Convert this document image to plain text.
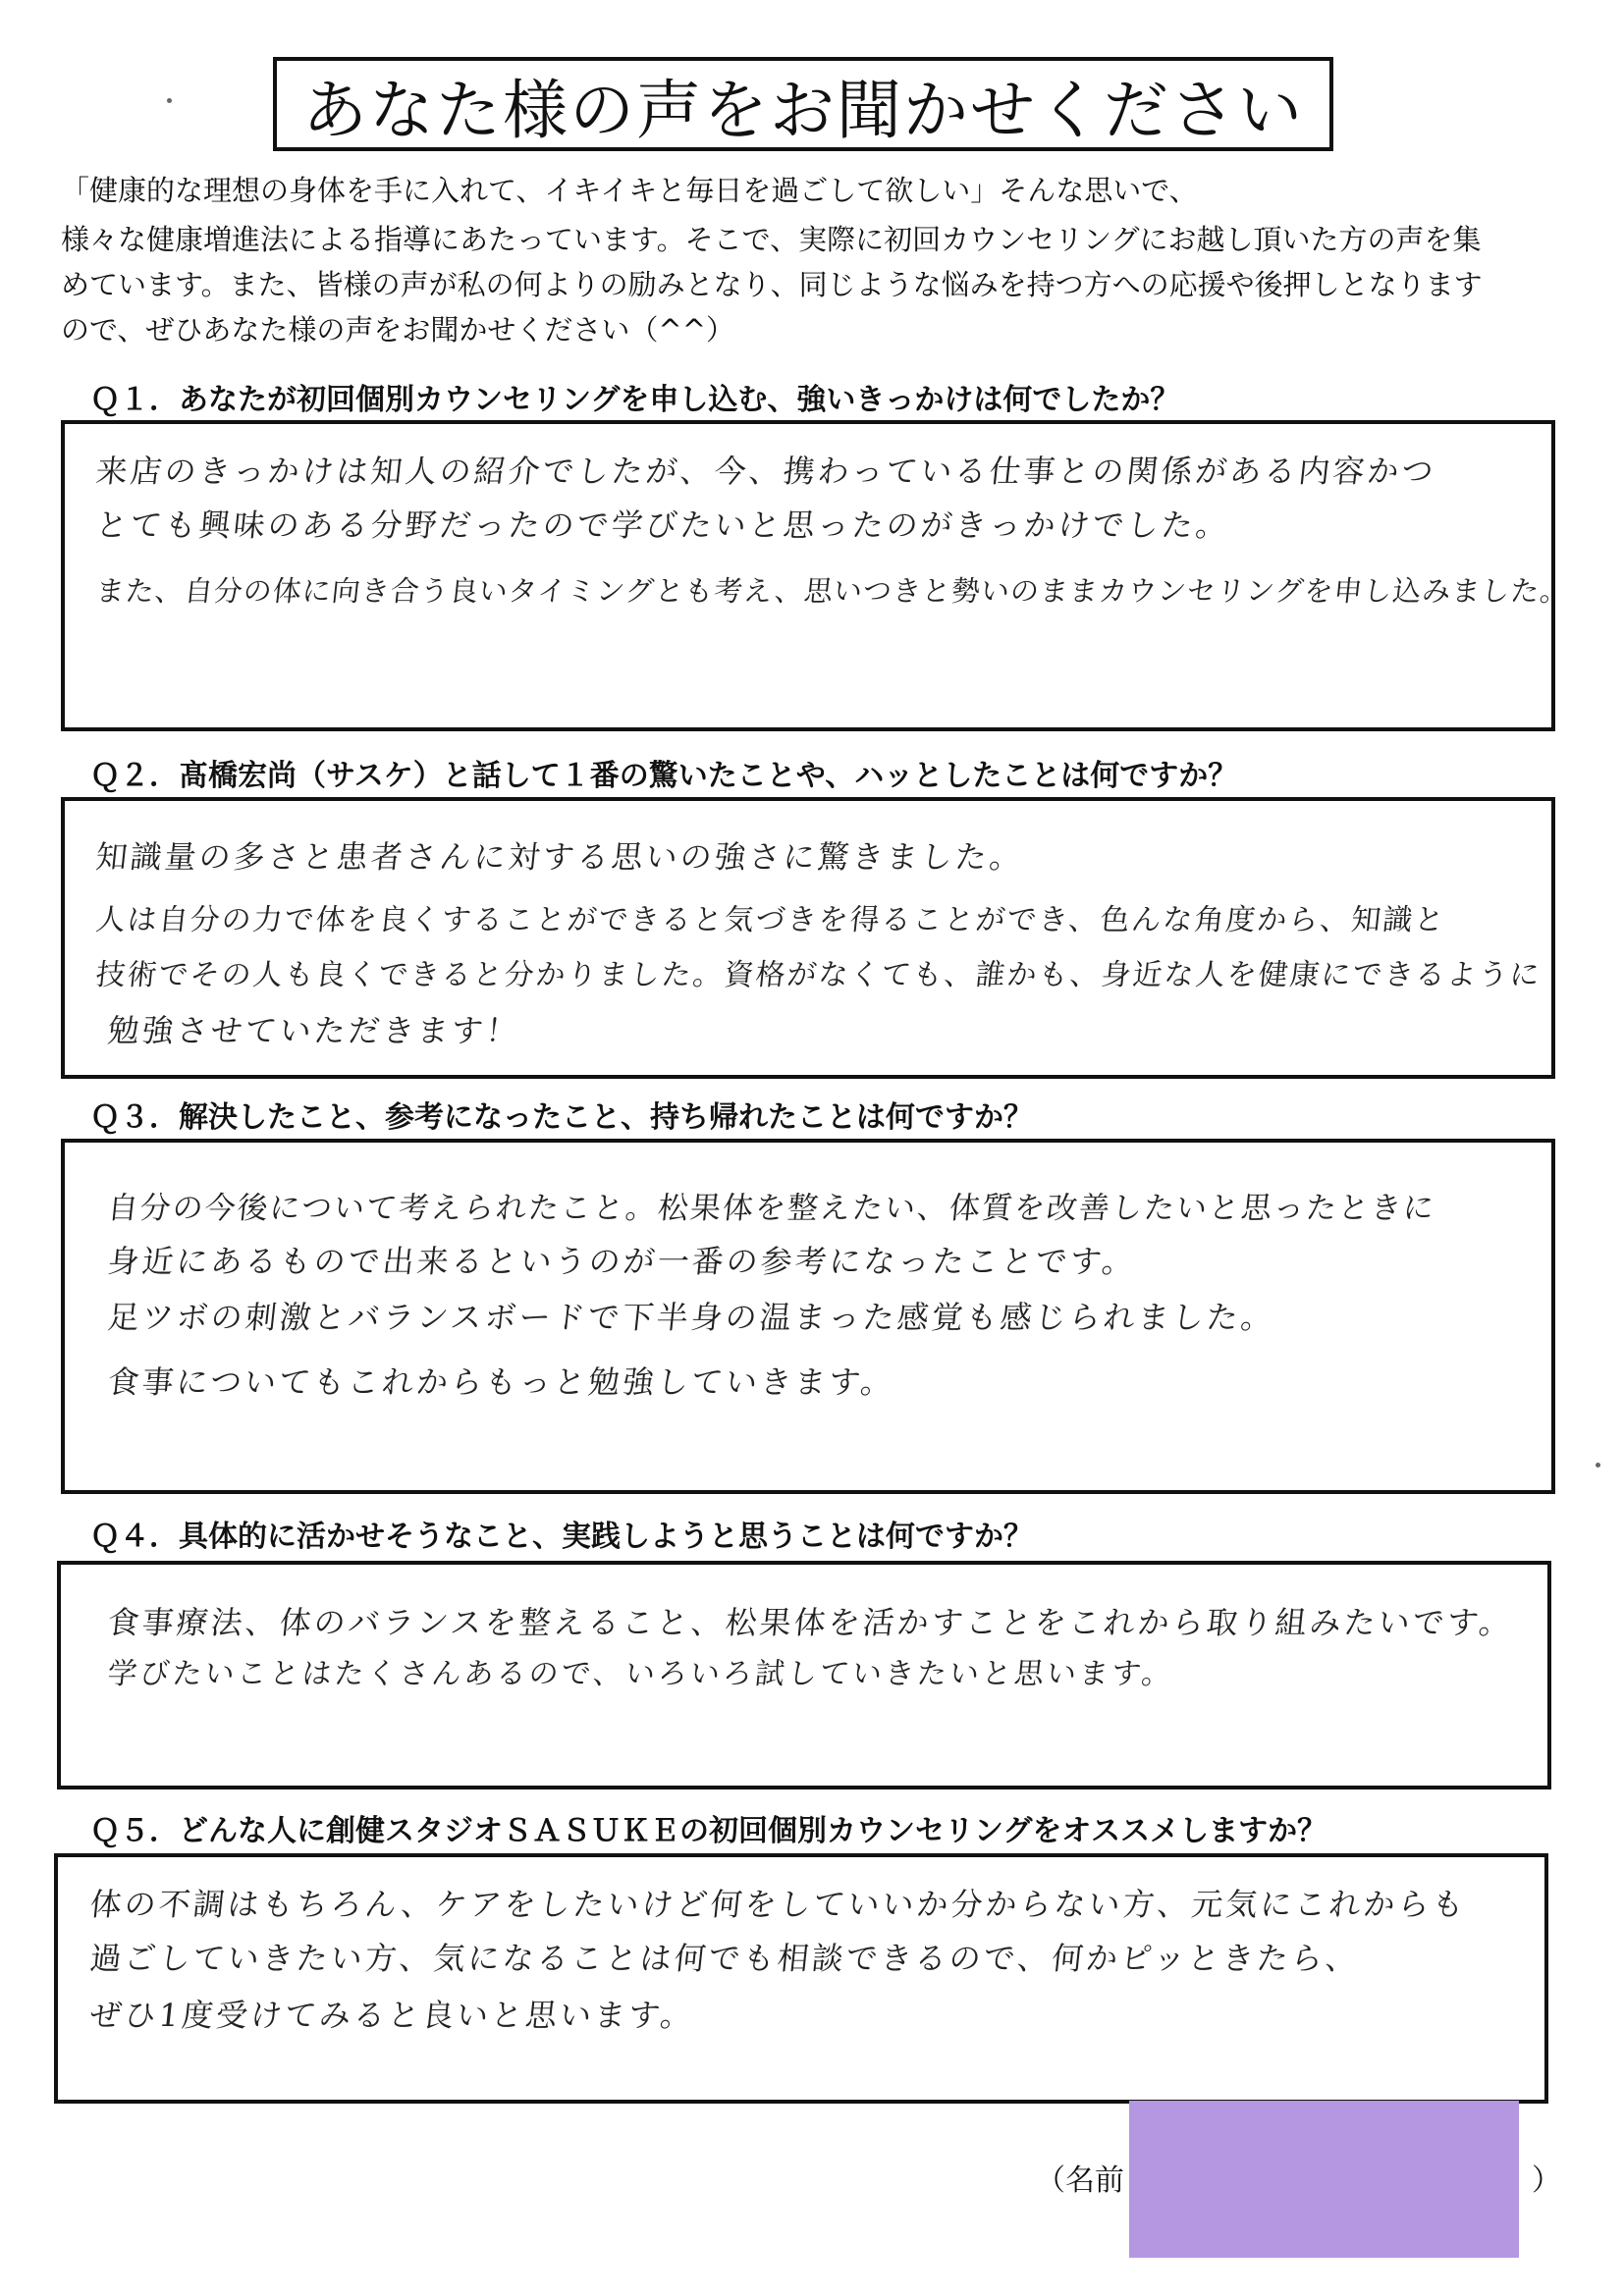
あなた様の声をお聞かせください
「健康的な理想の身体を手に入れて、イキイキと毎日を過ごして欲しい」そんな思いで、
様々な健康増進法による指導にあたっています。そこで、実際に初回カウンセリングにお越し頂いた方の声を集
めています。また、皆様の声が私の何よりの励みとなり、同じような悩みを持つ方への応援や後押しとなります
ので、ぜひあなた様の声をお聞かせください（^^）
Ｑ１．あなたが初回個別カウンセリングを申し込む、強いきっかけは何でしたか？
来店のきっかけは知人の紹介でしたが、今、携わっている仕事との関係がある内容かつ
とても興味のある分野だったので学びたいと思ったのがきっかけでした。
また、自分の体に向き合う良いタイミングとも考え、思いつきと勢いのままカウンセリングを申し込みました。
Ｑ２．髙橋宏尚（サスケ）と話して１番の驚いたことや、ハッとしたことは何ですか？
知識量の多さと患者さんに対する思いの強さに驚きました。
人は自分の力で体を良くすることができると気づきを得ることができ、色んな角度から、知識と
技術でその人も良くできると分かりました。資格がなくても、誰かも、身近な人を健康にできるように
勉強させていただきます！
Ｑ３．解決したこと、参考になったこと、持ち帰れたことは何ですか？
自分の今後について考えられたこと。松果体を整えたい、体質を改善したいと思ったときに
身近にあるもので出来るというのが一番の参考になったことです。
足ツボの刺激とバランスボードで下半身の温まった感覚も感じられました。
食事についてもこれからもっと勉強していきます。
Ｑ４．具体的に活かせそうなこと、実践しようと思うことは何ですか？
食事療法、体のバランスを整えること、松果体を活かすことをこれから取り組みたいです。
学びたいことはたくさんあるので、いろいろ試していきたいと思います。
Ｑ５．どんな人に創健スタジオＳＡＳＵＫＥの初回個別カウンセリングをオススメしますか？
体の不調はもちろん、ケアをしたいけど何をしていいか分からない方、元気にこれからも
過ごしていきたい方、気になることは何でも相談できるので、何かピッときたら、
ぜひ1度受けてみると良いと思います。
（名前	）
